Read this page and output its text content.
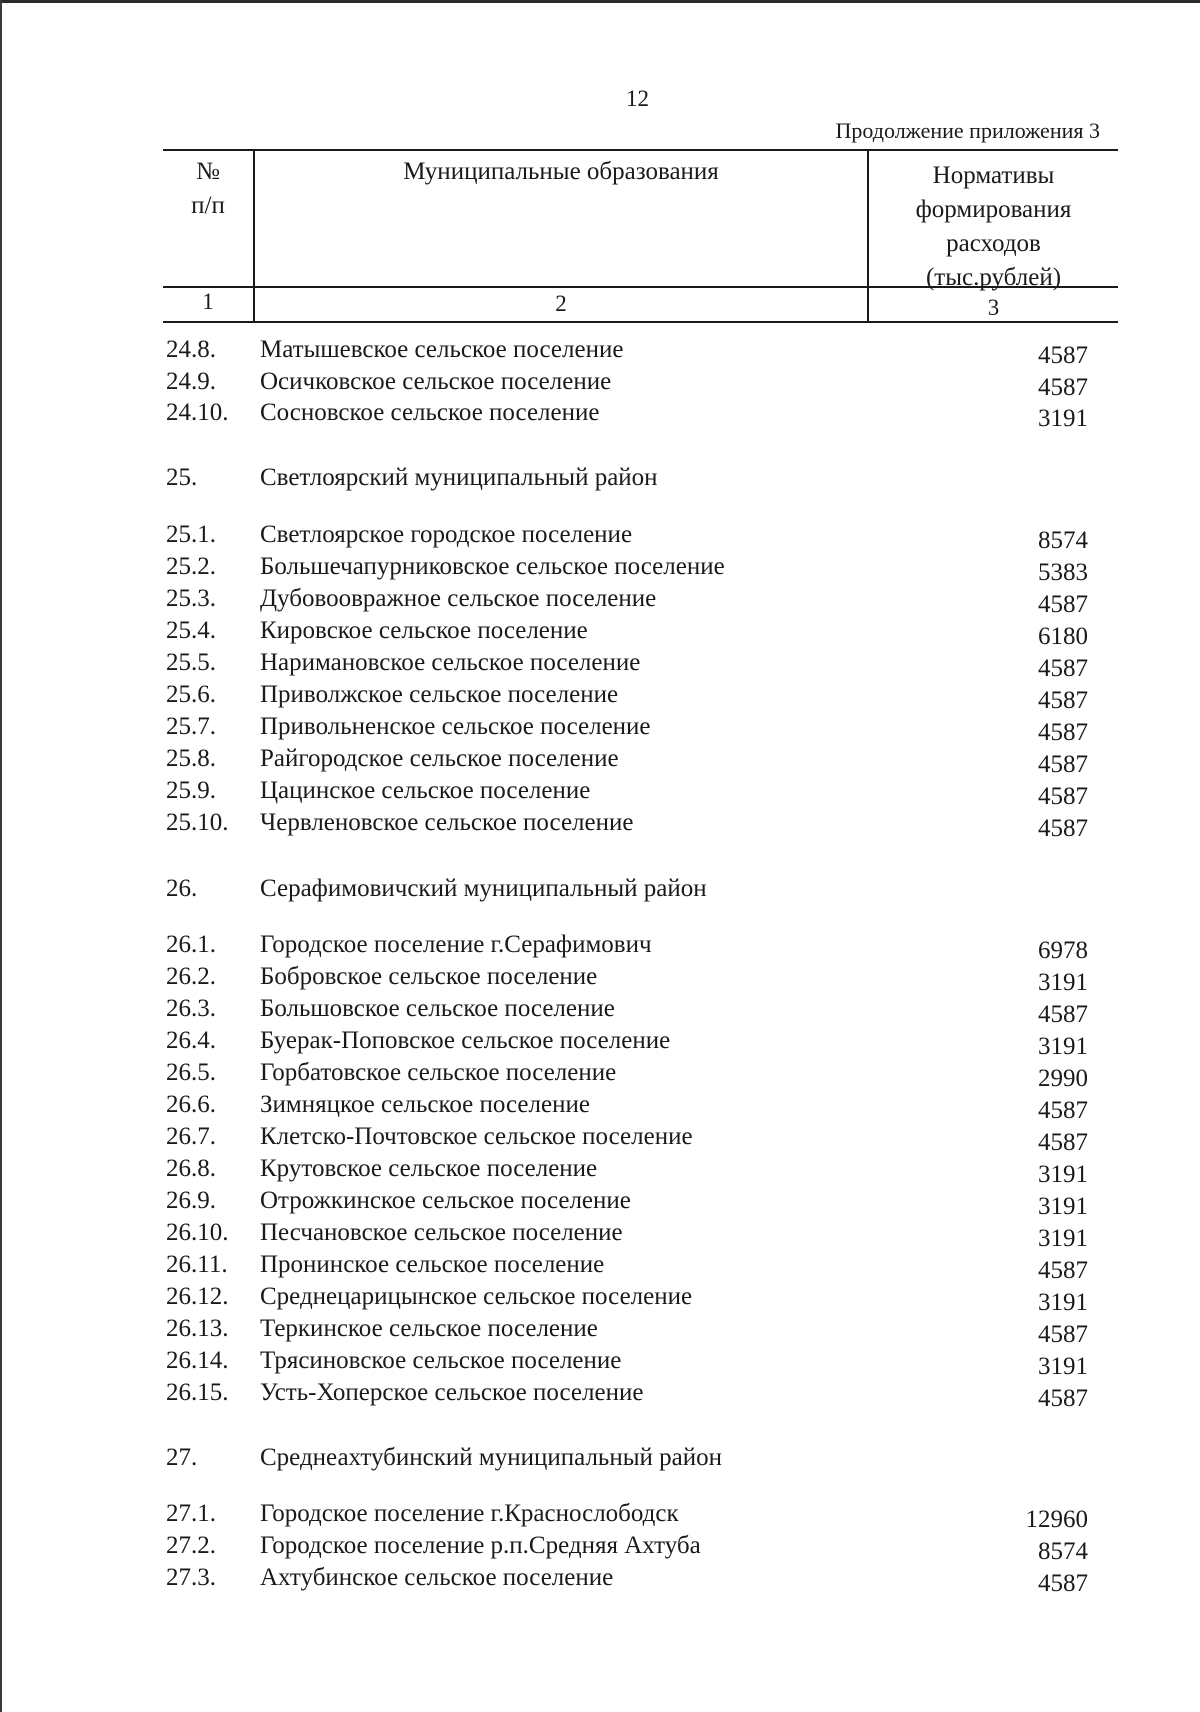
12
Продолжение приложения 3
№
п/п
Муниципальные образования	Нормативы
формирования
расходов
(тыс.рублей)
1	2	3
24.8. Матышевское сельское поселение	4587
24.9. Осичковское сельское поселение	4587
24.10. Сосновское сельское поселение	3191
25.	Светлоярский муниципальный район
25.1. Светлоярское городское поселение	8574
25.2. Большечапурниковское сельское поселение	5383
25.3. Дубовооврaжное сельское поселение	4587
25.4. Кировское сельское поселение	6180
25.5. Наримановское сельское поселение	4587
25.6. Приволжское сельское поселение	4587
25.7. Привольненское сельское поселение	4587
25.8. Райгородское сельское поселение	4587
25.9. Цацинское сельское поселение	4587
25.10. Червленовское сельское поселение	4587
26.	Серафимовичский муниципальный район
26.1. Городское поселение г.Серафимович	6978
26.2. Бобровское сельское поселение	3191
26.3. Большовское сельское поселение	4587
26.4. Буерак-Поповское сельское поселение	3191
26.5. Горбатовское сельское поселение	2990
26.6. Зимняцкое сельское поселение	4587
26.7. Клетско-Почтовское сельское поселение	4587
26.8. Крутовское сельское поселение	3191
26.9. Отрожкинское сельское поселение	3191
26.10. Песчановское сельское поселение	3191
26.11. Пронинское сельское поселение	4587
26.12. Среднецарицынское сельское поселение	3191
26.13. Теркинское сельское поселение	4587
26.14. Трясиновское сельское поселение	3191
26.15. Усть-Хоперское сельское поселение	4587
27.	Среднеахтубинский муниципальный район
27.1. Городское поселение г.Краснослободск	12960
27.2. Городское поселение р.п.Средняя Ахтуба	8574
27.3. Ахтубинское сельское поселение	4587
